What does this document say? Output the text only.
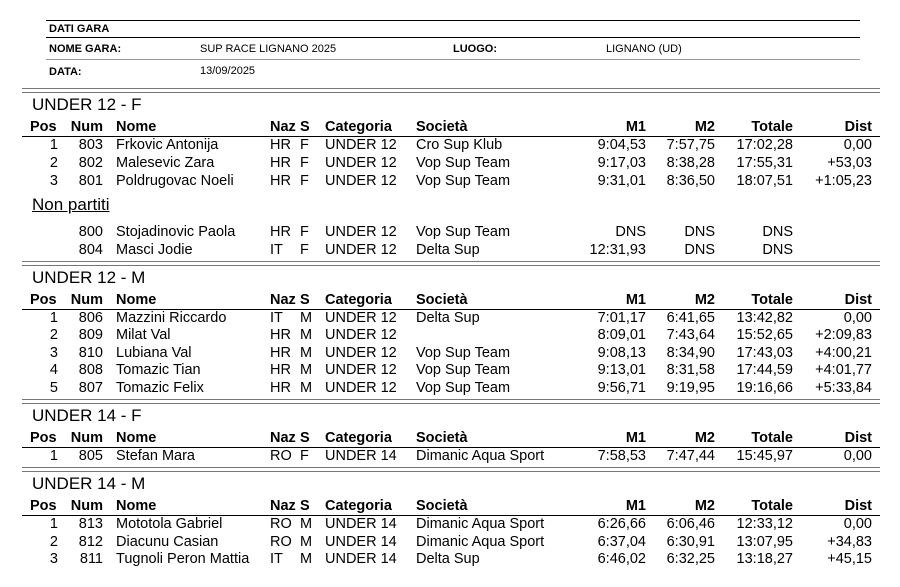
DATI GARA
NOME GARA:	SUP RACE LIGNANO 2025	LUOGO:	LIGNANO (UD)
DATA:	13/09/2025
UNDER 12 - F
Pos Num Nome	Naz S Categoria Società	M1	M2	Totale	Dist
1	803 Frkovic Antonija	HR F UNDER 12 Cro Sup Klub	9:04,53	7:57,75	17:02,28	0,00
2	802 Malesevic Zara	HR F UNDER 12 Vop Sup Team	9:17,03	8:38,28	17:55,31	+53,03
3	801 Poldrugovac Noeli	HR F UNDER 12 Vop Sup Team	9:31,01	8:36,50	18:07,51	+1:05,23
Non partiti
800 Stojadinovic Paola HR F UNDER 12 Vop Sup Team	DNS	DNS	DNS
804 Masci Jodie	IT F UNDER 12 Delta Sup	12:31,93	DNS	DNS
UNDER 12 - M
Pos Num Nome	Naz S Categoria Società	M1	M2	Totale	Dist
1	806 Mazzini Riccardo	IT M UNDER 12 Delta Sup	7:01,17	6:41,65	13:42,82	0,00
2	809 Milat Val	HR M UNDER 12	8:09,01	7:43,64	15:52,65	+2:09,83
3	810 Lubiana Val	HR M UNDER 12 Vop Sup Team	9:08,13	8:34,90	17:43,03	+4:00,21
4	808 Tomazic Tian	HR M UNDER 12 Vop Sup Team	9:13,01	8:31,58	17:44,59	+4:01,77
5	807 Tomazic Felix	HR M UNDER 12 Vop Sup Team	9:56,71	9:19,95	19:16,66	+5:33,84
UNDER 14 - F
Pos Num Nome	Naz S Categoria Società	M1	M2	Totale	Dist
1	805 Stefan Mara	RO F UNDER 14 Dimanic Aqua Sport	7:58,53	7:47,44	15:45,97	0,00
UNDER 14 - M
Pos Num Nome	Naz S Categoria Società	M1	M2	Totale	Dist
1	813 Mototola Gabriel	RO M UNDER 14 Dimanic Aqua Sport	6:26,66	6:06,46	12:33,12	0,00
2	812 Diacunu Casian	RO M UNDER 14 Dimanic Aqua Sport	6:37,04	6:30,91	13:07,95	+34,83
3	811 Tugnoli Peron Mattia IT M UNDER 14 Delta Sup	6:46,02	6:32,25	13:18,27	+45,15
